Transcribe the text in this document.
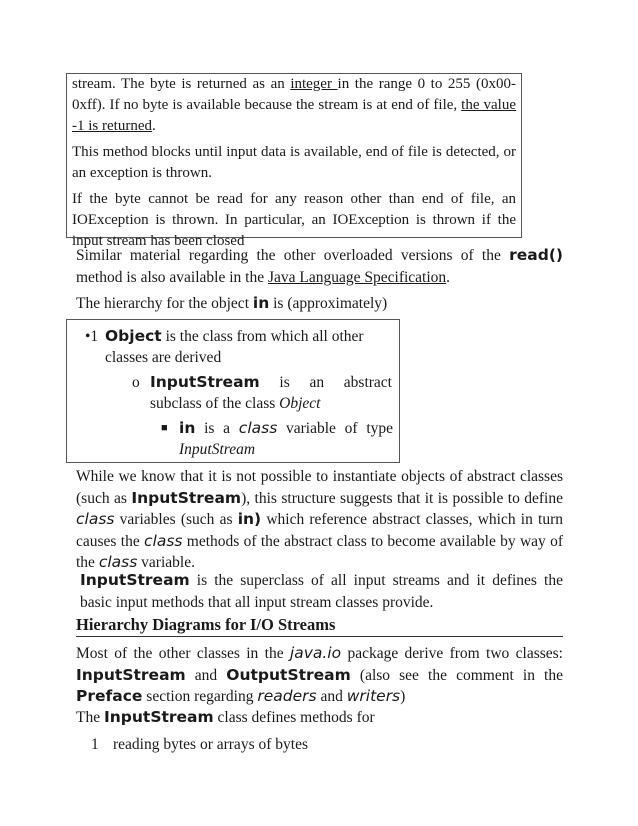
stream. The byte is returned as an integer in the range 0 to 255 (0x00-0xff). If no byte is available because the stream is at end of file, the value -1 is returned.

This method blocks until input data is available, end of file is detected, or an exception is thrown.

If the byte cannot be read for any reason other than end of file, an IOException is thrown. In particular, an IOException is thrown if the input stream has been closed

Similar material regarding the other overloaded versions of the read() method is also available in the Java Language Specification.

The hierarchy for the object in is (approximately)

•1 Object is the class from which all other
classes are derived
o InputStream is an abstract subclass of the class Object
■ in is a class variable of type InputStream

While we know that it is not possible to instantiate objects of abstract classes (such as InputStream), this structure suggests that it is possible to define class variables (such as in) which reference abstract classes, which in turn causes the class methods of the abstract class to become available by way of the class variable.

InputStream is the superclass of all input streams and it defines the basic input methods that all input stream classes provide.

Hierarchy Diagrams for I/O Streams

Most of the other classes in the java.io package derive from two classes: InputStream and OutputStream (also see the comment in the Preface section regarding readers and writers)

The InputStream class defines methods for

1 reading bytes or arrays of bytes
